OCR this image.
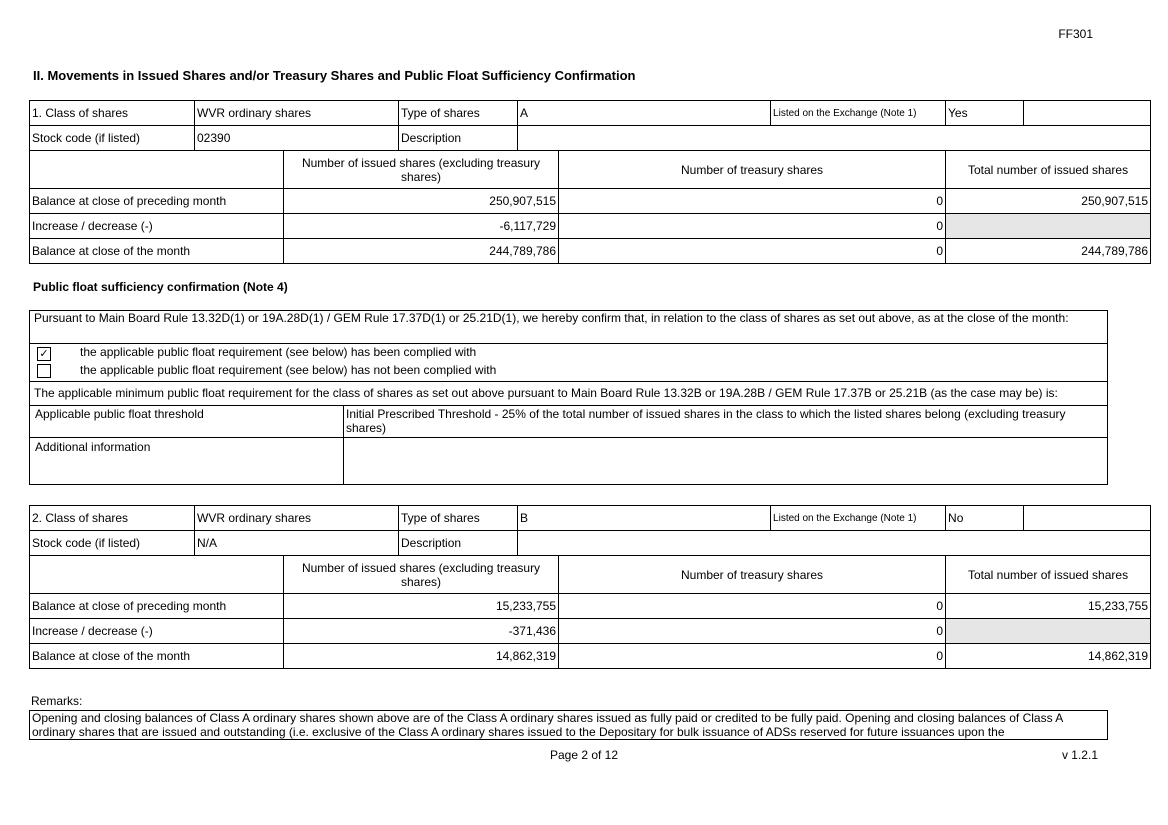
FF301
II. Movements in Issued Shares and/or Treasury Shares and Public Float Sufficiency Confirmation
1. Class of shares	WVR ordinary shares		Type of shares	A		Listed on the Exchange (Note 1)	Yes	
Stock code (if listed)	02390		Description					
		Number of issued shares (excluding treasury shares)			Number of treasury shares		Total number of issued shares	
Balance at close of preceding month		250,907,515			0		250,907,515	
Increase / decrease (-)		-6,117,729			0			
Balance at close of the month		244,789,786			0		244,789,786	
Public float sufficiency confirmation (Note 4)
Pursuant to Main Board Rule 13.32D(1) or 19A.28D(1) / GEM Rule 17.37D(1) or 25.21D(1), we hereby confirm that, in relation to the class of shares as set out above, as at the close of the month:
✓	the applicable public float requirement (see below) has been complied with
the applicable public float requirement (see below) has not been complied with
The applicable minimum public float requirement for the class of shares as set out above pursuant to Main Board Rule 13.32B or 19A.28B / GEM Rule 17.37B or 25.21B (as the case may be) is:
Applicable public float threshold	Initial Prescribed Threshold - 25% of the total number of issued shares in the class to which the listed shares belong (excluding treasury shares)
Additional information
2. Class of shares	WVR ordinary shares		Type of shares	B		Listed on the Exchange (Note 1)	No	
Stock code (if listed)	N/A		Description					
		Number of issued shares (excluding treasury shares)			Number of treasury shares		Total number of issued shares	
Balance at close of preceding month		15,233,755			0		15,233,755	
Increase / decrease (-)		-371,436			0			
Balance at close of the month		14,862,319			0		14,862,319	
Remarks:
Opening and closing balances of Class A ordinary shares shown above are of the Class A ordinary shares issued as fully paid or credited to be fully paid. Opening and closing balances of Class A ordinary shares that are issued and outstanding (i.e. exclusive of the Class A ordinary shares issued to the Depositary for bulk issuance of ADSs reserved for future issuances upon the
Page 2 of 12	v 1.2.1
